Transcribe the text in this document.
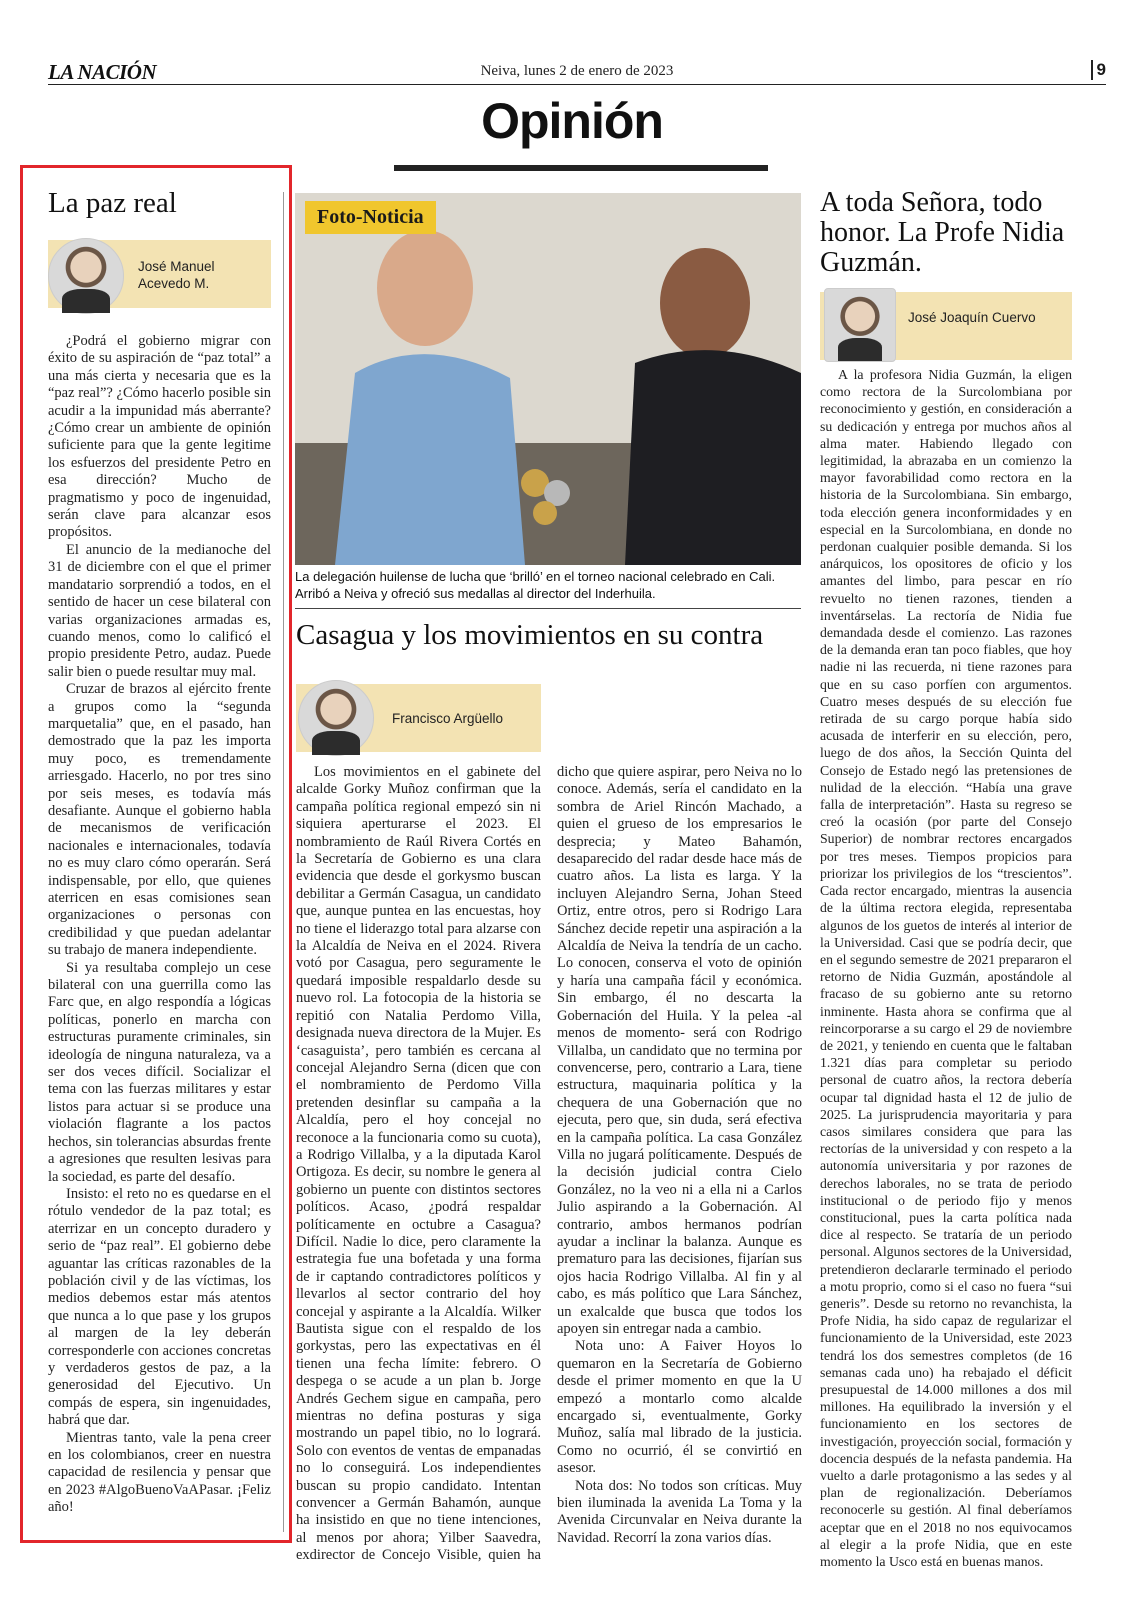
LA NACIÓN	Neiva, lunes 2 de enero de 2023	9
Opinión
La paz real
José Manuel Acevedo M.

¿Podrá el gobierno migrar con éxito de su aspiración de “paz total” a una más cierta y necesaria que es la “paz real”? ¿Cómo hacerlo posible sin acudir a la impunidad más aberrante? ¿Cómo crear un ambiente de opinión suficiente para que la gente legitime los esfuerzos del presidente Petro en esa dirección? Mucho de pragmatismo y poco de ingenuidad, serán clave para alcanzar esos propósitos.

El anuncio de la medianoche del 31 de diciembre con el que el primer mandatario sorprendió a todos, en el sentido de hacer un cese bilateral con varias organizaciones armadas es, cuando menos, como lo calificó el propio presidente Petro, audaz. Puede salir bien o puede resultar muy mal.

Cruzar de brazos al ejército frente a grupos como la “segunda marquetalia” que, en el pasado, han demostrado que la paz les importa muy poco, es tremendamente arriesgado. Hacerlo, no por tres sino por seis meses, es todavía más desafiante. Aunque el gobierno habla de mecanismos de verificación nacionales e internacionales, todavía no es muy claro cómo operarán. Será indispensable, por ello, que quienes aterricen en esas comisiones sean organizaciones o personas con credibilidad y que puedan adelantar su trabajo de manera independiente.

Si ya resultaba complejo un cese bilateral con una guerrilla como las Farc que, en algo respondía a lógicas políticas, ponerlo en marcha con estructuras puramente criminales, sin ideología de ninguna naturaleza, va a ser dos veces difícil. Socializar el tema con las fuerzas militares y estar listos para actuar si se produce una violación flagrante a los pactos hechos, sin tolerancias absurdas frente a agresiones que resulten lesivas para la sociedad, es parte del desafío.

Insisto: el reto no es quedarse en el rótulo vendedor de la paz total; es aterrizar en un concepto duradero y serio de “paz real”. El gobierno debe aguantar las críticas razonables de la población civil y de las víctimas, los medios debemos estar más atentos que nunca a lo que pase y los grupos al margen de la ley deberán corresponderle con acciones concretas y verdaderos gestos de paz, a la generosidad del Ejecutivo. Un compás de espera, sin ingenuidades, habrá que dar.

Mientras tanto, vale la pena creer en los colombianos, creer en nuestra capacidad de resilencia y pensar que en 2023 #AlgoBuenoVaAPasar. ¡Feliz año!

Foto-Noticia
La delegación huilense de lucha que ‘brilló’ en el torneo nacional celebrado en Cali. Arribó a Neiva y ofreció sus medallas al director del Inderhuila.
Casagua y los movimientos en su contra
Francisco Argüello

Los movimientos en el gabinete del alcalde Gorky Muñoz confirman que la campaña política regional empezó sin ni siquiera aperturarse el 2023. El nombramiento de Raúl Rivera Cortés en la Secretaría de Gobierno es una clara evidencia que desde el gorkysmo buscan debilitar a Germán Casagua, un candidato que, aunque puntea en las encuestas, hoy no tiene el liderazgo total para alzarse con la Alcaldía de Neiva en el 2024. Rivera votó por Casagua, pero seguramente le quedará imposible respaldarlo desde su nuevo rol. La fotocopia de la historia se repitió con Natalia Perdomo Villa, designada nueva directora de la Mujer. Es ‘casaguista’, pero también es cercana al concejal Alejandro Serna (dicen que con el nombramiento de Perdomo Villa pretenden desinflar su campaña a la Alcaldía, pero el hoy concejal no reconoce a la funcionaria como su cuota), a Rodrigo Villalba, y a la diputada Karol Ortigoza. Es decir, su nombre le genera al gobierno un puente con distintos sectores políticos. Acaso, ¿podrá respaldar políticamente en octubre a Casagua? Difícil. Nadie lo dice, pero claramente la estrategia fue una bofetada y una forma de ir captando contradictores políticos y llevarlos al sector contrario del hoy concejal y aspirante a la Alcaldía. Wilker Bautista sigue con el respaldo de los gorkystas, pero las expectativas en él tienen una fecha límite: febrero. O despega o se acude a un plan b. Jorge Andrés Gechem sigue en campaña, pero mientras no defina posturas y siga mostrando un papel tibio, no lo logrará. Solo con eventos de ventas de empanadas no lo conseguirá. Los independientes buscan su propio candidato. Intentan convencer a Germán Bahamón, aunque ha insistido en que no tiene intenciones, al menos por ahora; Yilber Saavedra, exdirector de Concejo Visible, quien ha dicho que quiere aspirar, pero Neiva no lo conoce. Además, sería el candidato en la sombra de Ariel Rincón Machado, a quien el grueso de los empresarios le desprecia; y Mateo Bahamón, desaparecido del radar desde hace más de cuatro años. La lista es larga. Y la incluyen Alejandro Serna, Johan Steed Ortiz, entre otros, pero si Rodrigo Lara Sánchez decide repetir una aspiración a la Alcaldía de Neiva la tendría de un cacho. Lo conocen, conserva el voto de opinión y haría una campaña fácil y económica. Sin embargo, él no descarta la Gobernación del Huila. Y la pelea -al menos de momento- será con Rodrigo Villalba, un candidato que no termina por convencerse, pero, contrario a Lara, tiene estructura, maquinaria política y la chequera de una Gobernación que no ejecuta, pero que, sin duda, será efectiva en la campaña política. La casa González Villa no jugará políticamente. Después de la decisión judicial contra Cielo González, no la veo ni a ella ni a Carlos Julio aspirando a la Gobernación. Al contrario, ambos hermanos podrían ayudar a inclinar la balanza. Aunque es prematuro para las decisiones, fijarían sus ojos hacia Rodrigo Villalba. Al fin y al cabo, es más político que Lara Sánchez, un exalcalde que busca que todos los apoyen sin entregar nada a cambio.

Nota uno: A Faiver Hoyos lo quemaron en la Secretaría de Gobierno desde el primer momento en que la U empezó a montarlo como alcalde encargado si, eventualmente, Gorky Muñoz, salía mal librado de la justicia. Como no ocurrió, él se convirtió en asesor.

Nota dos: No todos son críticas. Muy bien iluminada la avenida La Toma y la Avenida Circunvalar en Neiva durante la Navidad. Recorrí la zona varios días.

A toda Señora, todo honor. La Profe Nidia Guzmán.
José Joaquín Cuervo

A la profesora Nidia Guzmán, la eligen como rectora de la Surcolombiana por reconocimiento y gestión, en consideración a su dedicación y entrega por muchos años al alma mater. Habiendo llegado con legitimidad, la abrazaba en un comienzo la mayor favorabilidad como rectora en la historia de la Surcolombiana. Sin embargo, toda elección genera inconformidades y en especial en la Surcolombiana, en donde no perdonan cualquier posible demanda. Si los anárquicos, los opositores de oficio y los amantes del limbo, para pescar en río revuelto no tienen razones, tienden a inventárselas. La rectoría de Nidia fue demandada desde el comienzo. Las razones de la demanda eran tan poco fiables, que hoy nadie ni las recuerda, ni tiene razones para que en su caso porfíen con argumentos. Cuatro meses después de su elección fue retirada de su cargo porque había sido acusada de interferir en su elección, pero, luego de dos años, la Sección Quinta del Consejo de Estado negó las pretensiones de nulidad de la elección. “Había una grave falla de interpretación”. Hasta su regreso se creó la ocasión (por parte del Consejo Superior) de nombrar rectores encargados por tres meses. Tiempos propicios para priorizar los privilegios de los “trescientos”. Cada rector encargado, mientras la ausencia de la última rectora elegida, representaba algunos de los guetos de interés al interior de la Universidad. Casi que se podría decir, que en el segundo semestre de 2021 prepararon el retorno de Nidia Guzmán, apostándole al fracaso de su gobierno ante su retorno inminente. Hasta ahora se confirma que al reincorporarse a su cargo el 29 de noviembre de 2021, y teniendo en cuenta que le faltaban 1.321 días para completar su periodo personal de cuatro años, la rectora debería ocupar tal dignidad hasta el 12 de julio de 2025. La jurisprudencia mayoritaria y para casos similares considera que para las rectorías de la universidad y con respeto a la autonomía universitaria y por razones de derechos laborales, no se trata de periodo institucional o de periodo fijo y menos constitucional, pues la carta política nada dice al respecto. Se trataría de un periodo personal. Algunos sectores de la Universidad, pretendieron declararle terminado el periodo a motu proprio, como si el caso no fuera “sui generis”. Desde su retorno no revanchista, la Profe Nidia, ha sido capaz de regularizar el funcionamiento de la Universidad, este 2023 tendrá los dos semestres completos (de 16 semanas cada uno) ha rebajado el déficit presupuestal de 14.000 millones a dos mil millones. Ha equilibrado la inversión y el funcionamiento en los sectores de investigación, proyección social, formación y docencia después de la nefasta pandemia. Ha vuelto a darle protagonismo a las sedes y al plan de regionalización. Deberíamos reconocerle su gestión. Al final deberíamos aceptar que en el 2018 no nos equivocamos al elegir a la profe Nidia, que en este momento la Usco está en buenas manos.
